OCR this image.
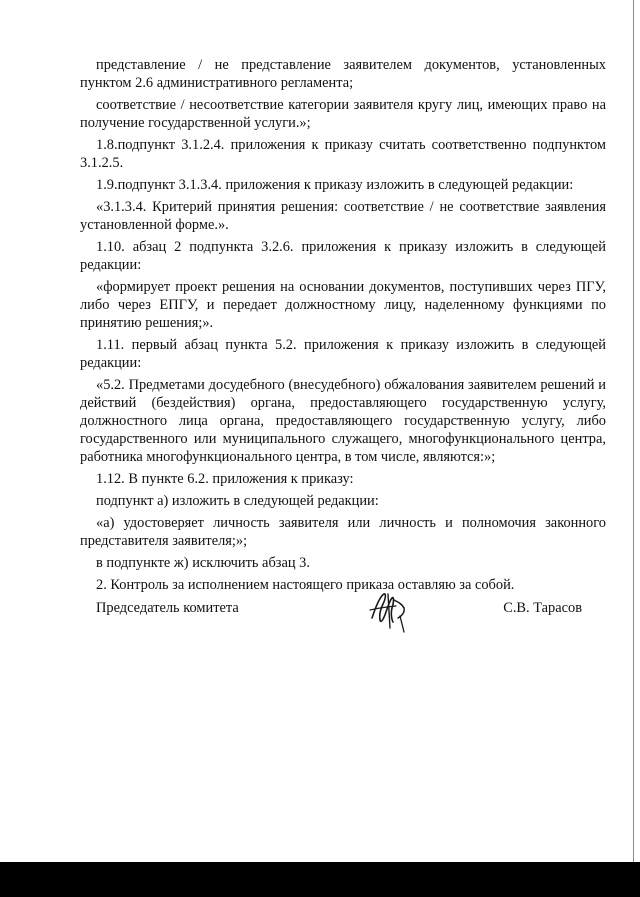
представление / не представление заявителем документов, установленных пунктом 2.6 административного регламента;

соответствие / несоответствие категории заявителя кругу лиц, имеющих право на получение государственной услуги.»;

1.8.подпункт 3.1.2.4. приложения к приказу считать соответственно подпунктом 3.1.2.5.

1.9.подпункт 3.1.3.4. приложения к приказу изложить в следующей редакции:

«3.1.3.4. Критерий принятия решения: соответствие / не соответствие заявления установленной форме.».

1.10. абзац 2 подпункта 3.2.6. приложения к приказу изложить в следующей редакции:

«формирует проект решения на основании документов, поступивших через ПГУ, либо через ЕПГУ, и передает должностному лицу, наделенному функциями по принятию решения;».

1.11. первый абзац пункта 5.2. приложения к приказу изложить в следующей редакции:

«5.2. Предметами досудебного (внесудебного) обжалования заявителем решений и действий (бездействия) органа, предоставляющего государственную услугу, должностного лица органа, предоставляющего государственную услугу, либо государственного или муниципального служащего, многофункционального центра, работника многофункционального центра, в том числе, являются:»;

1.12. В пункте 6.2. приложения к приказу:

подпункт а) изложить в следующей редакции:

«а) удостоверяет личность заявителя или личность и полномочия законного представителя заявителя;»;

в подпункте ж) исключить абзац 3.

2. Контроль за исполнением настоящего приказа оставляю за собой.

Председатель комитета	С.В. Тарасов
